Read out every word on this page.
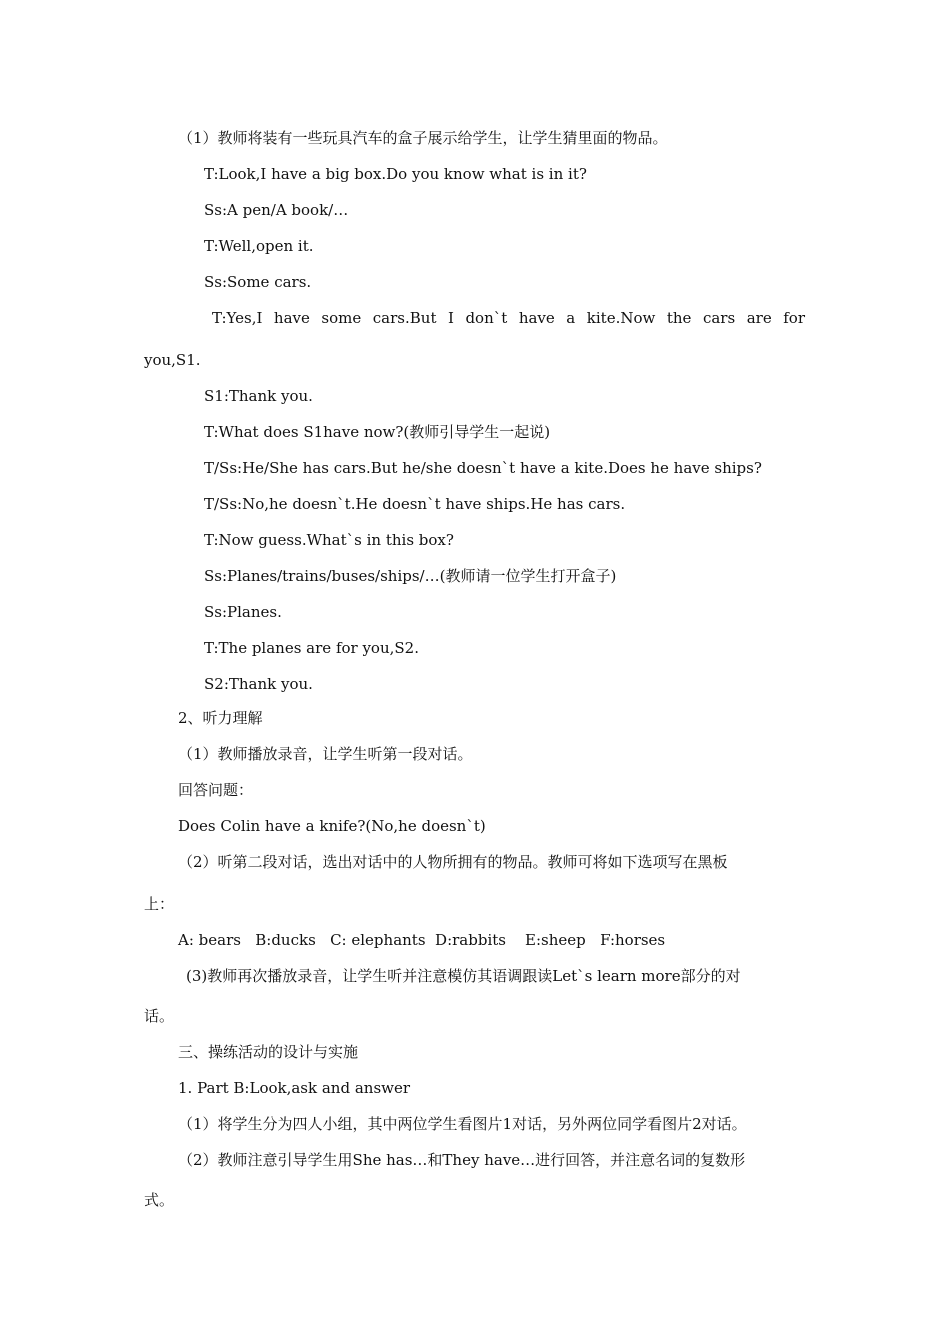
（1）教师将装有一些玩具汽车的盒子展示给学生，让学生猜里面的物品。
T:Look,I have a big box.Do you know what is in it?
Ss:A pen/A book/…
T:Well,open it.
Ss:Some cars.
T:Yes,I have some cars.But I don`t have a kite.Now the cars are for
you,S1.
S1:Thank you.
T:What does S1have now?(教师引导学生一起说)
T/Ss:He/She has cars.But he/she doesn`t have a kite.Does he have ships?
T/Ss:No,he doesn`t.He doesn`t have ships.He has cars.
T:Now guess.What`s in this box?
Ss:Planes/trains/buses/ships/…(教师请一位学生打开盒子)
Ss:Planes.
T:The planes are for you,S2.
S2:Thank you.
2、听力理解
（1）教师播放录音，让学生听第一段对话。
回答问题：
Does Colin have a knife?(No,he doesn`t)
（2）听第二段对话，选出对话中的人物所拥有的物品。教师可将如下选项写在黑板
上：
A: bears   B:ducks   C: elephants  D:rabbits    E:sheep   F:horses
(3)教师再次播放录音，让学生听并注意模仿其语调跟读Let`s learn more部分的对
话。
三、操练活动的设计与实施
1. Part B:Look,ask and answer
（1）将学生分为四人小组，其中两位学生看图片1对话，另外两位同学看图片2对话。
（2）教师注意引导学生用She has…和They have…进行回答，并注意名词的复数形
式。
